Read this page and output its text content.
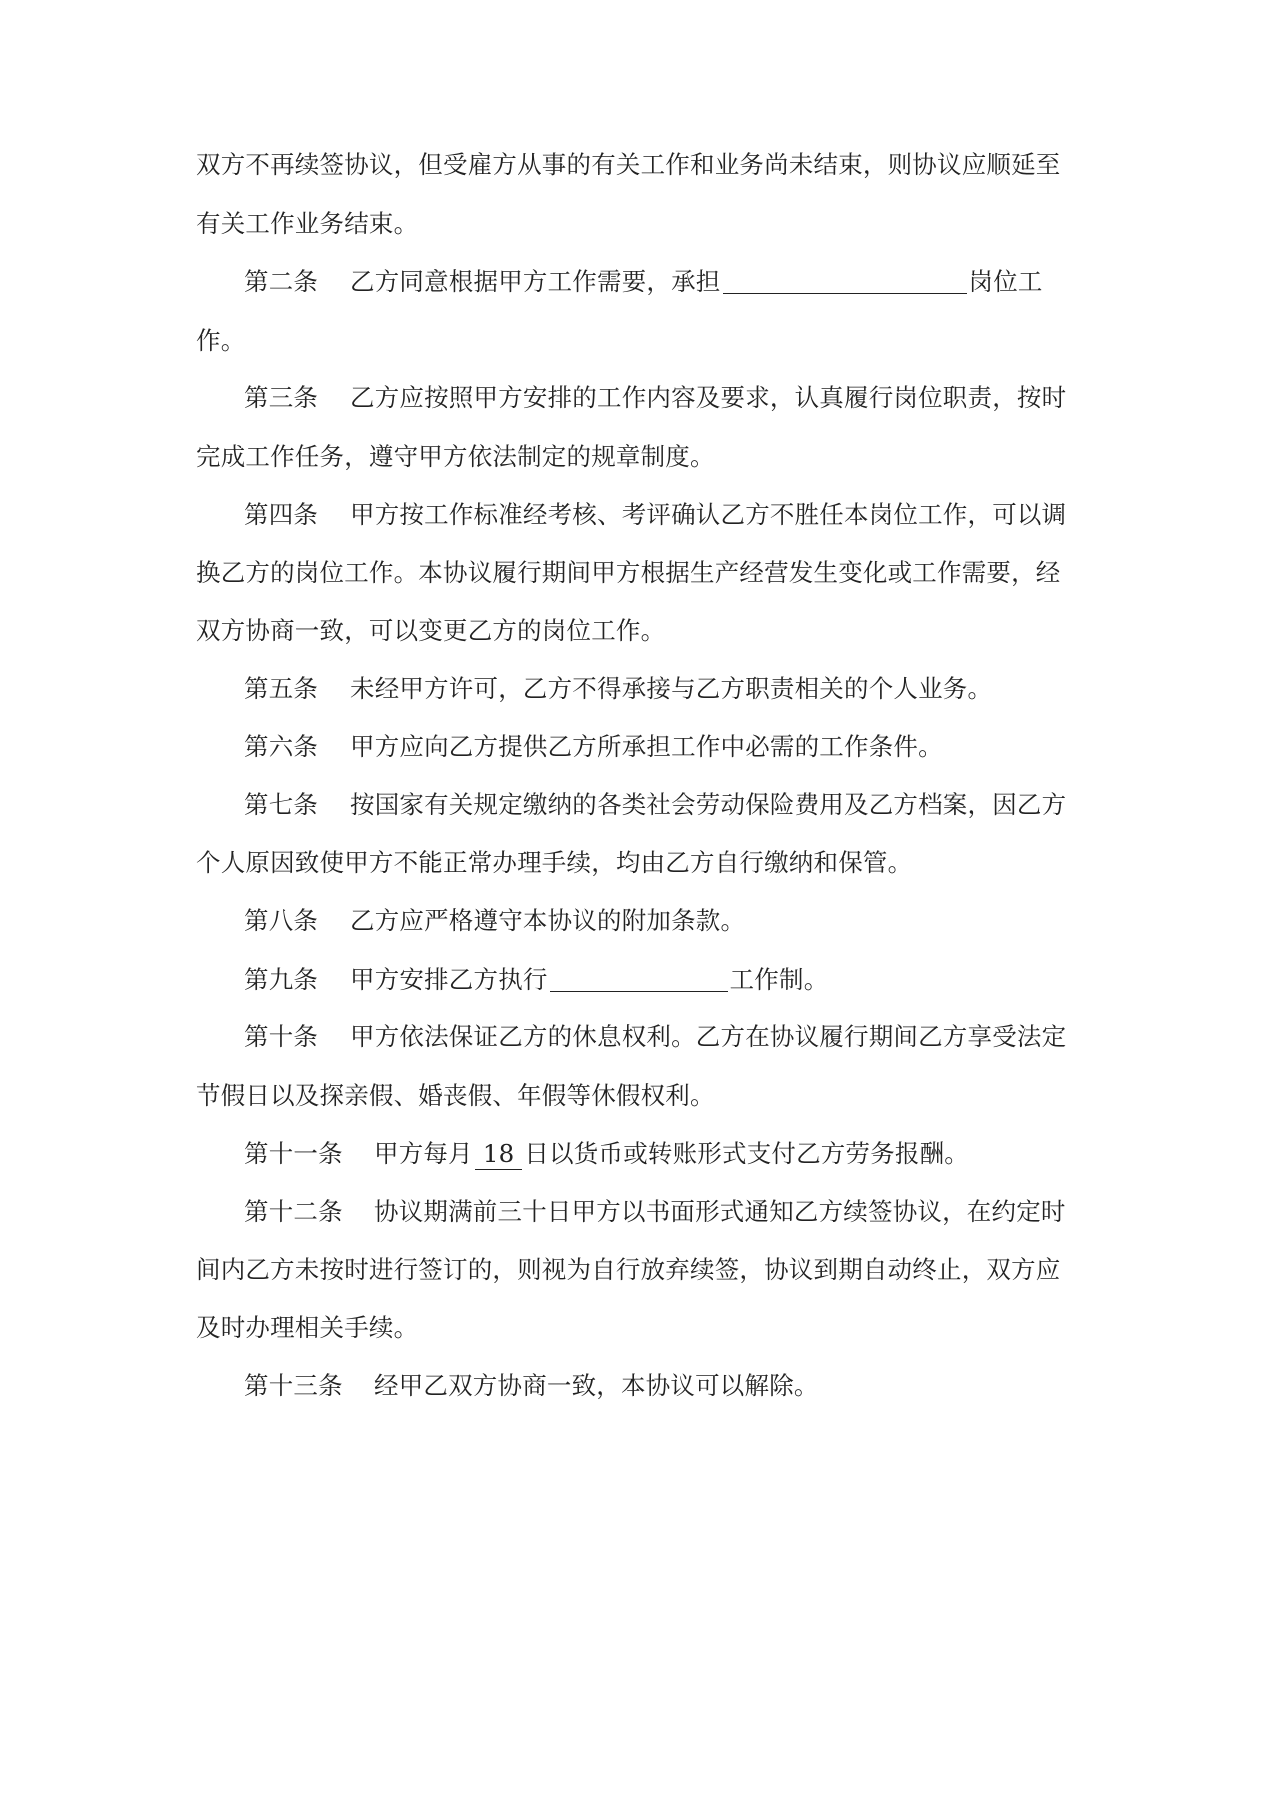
双方不再续签协议，但受雇方从事的有关工作和业务尚未结束，则协议应顺延至
有关工作业务结束。
第二条 乙方同意根据甲方工作需要，承担	岗位工
作。
第三条 乙方应按照甲方安排的工作内容及要求，认真履行岗位职责，按时
完成工作任务，遵守甲方依法制定的规章制度。
第四条 甲方按工作标准经考核、考评确认乙方不胜任本岗位工作，可以调
换乙方的岗位工作。本协议履行期间甲方根据生产经营发生变化或工作需要，经
双方协商一致，可以变更乙方的岗位工作。
第五条 未经甲方许可，乙方不得承接与乙方职责相关的个人业务。
第六条 甲方应向乙方提供乙方所承担工作中必需的工作条件。
第七条 按国家有关规定缴纳的各类社会劳动保险费用及乙方档案，因乙方
个人原因致使甲方不能正常办理手续，均由乙方自行缴纳和保管。
第八条 乙方应严格遵守本协议的附加条款。
第九条 甲方安排乙方执行	工作制。
第十条 甲方依法保证乙方的休息权利。乙方在协议履行期间乙方享受法定
节假日以及探亲假、婚丧假、年假等休假权利。
第十一条 甲方每月 18 日以货币或转账形式支付乙方劳务报酬。
第十二条 协议期满前三十日甲方以书面形式通知乙方续签协议，在约定时
间内乙方未按时进行签订的，则视为自行放弃续签，协议到期自动终止，双方应
及时办理相关手续。
第十三条 经甲乙双方协商一致，本协议可以解除。
